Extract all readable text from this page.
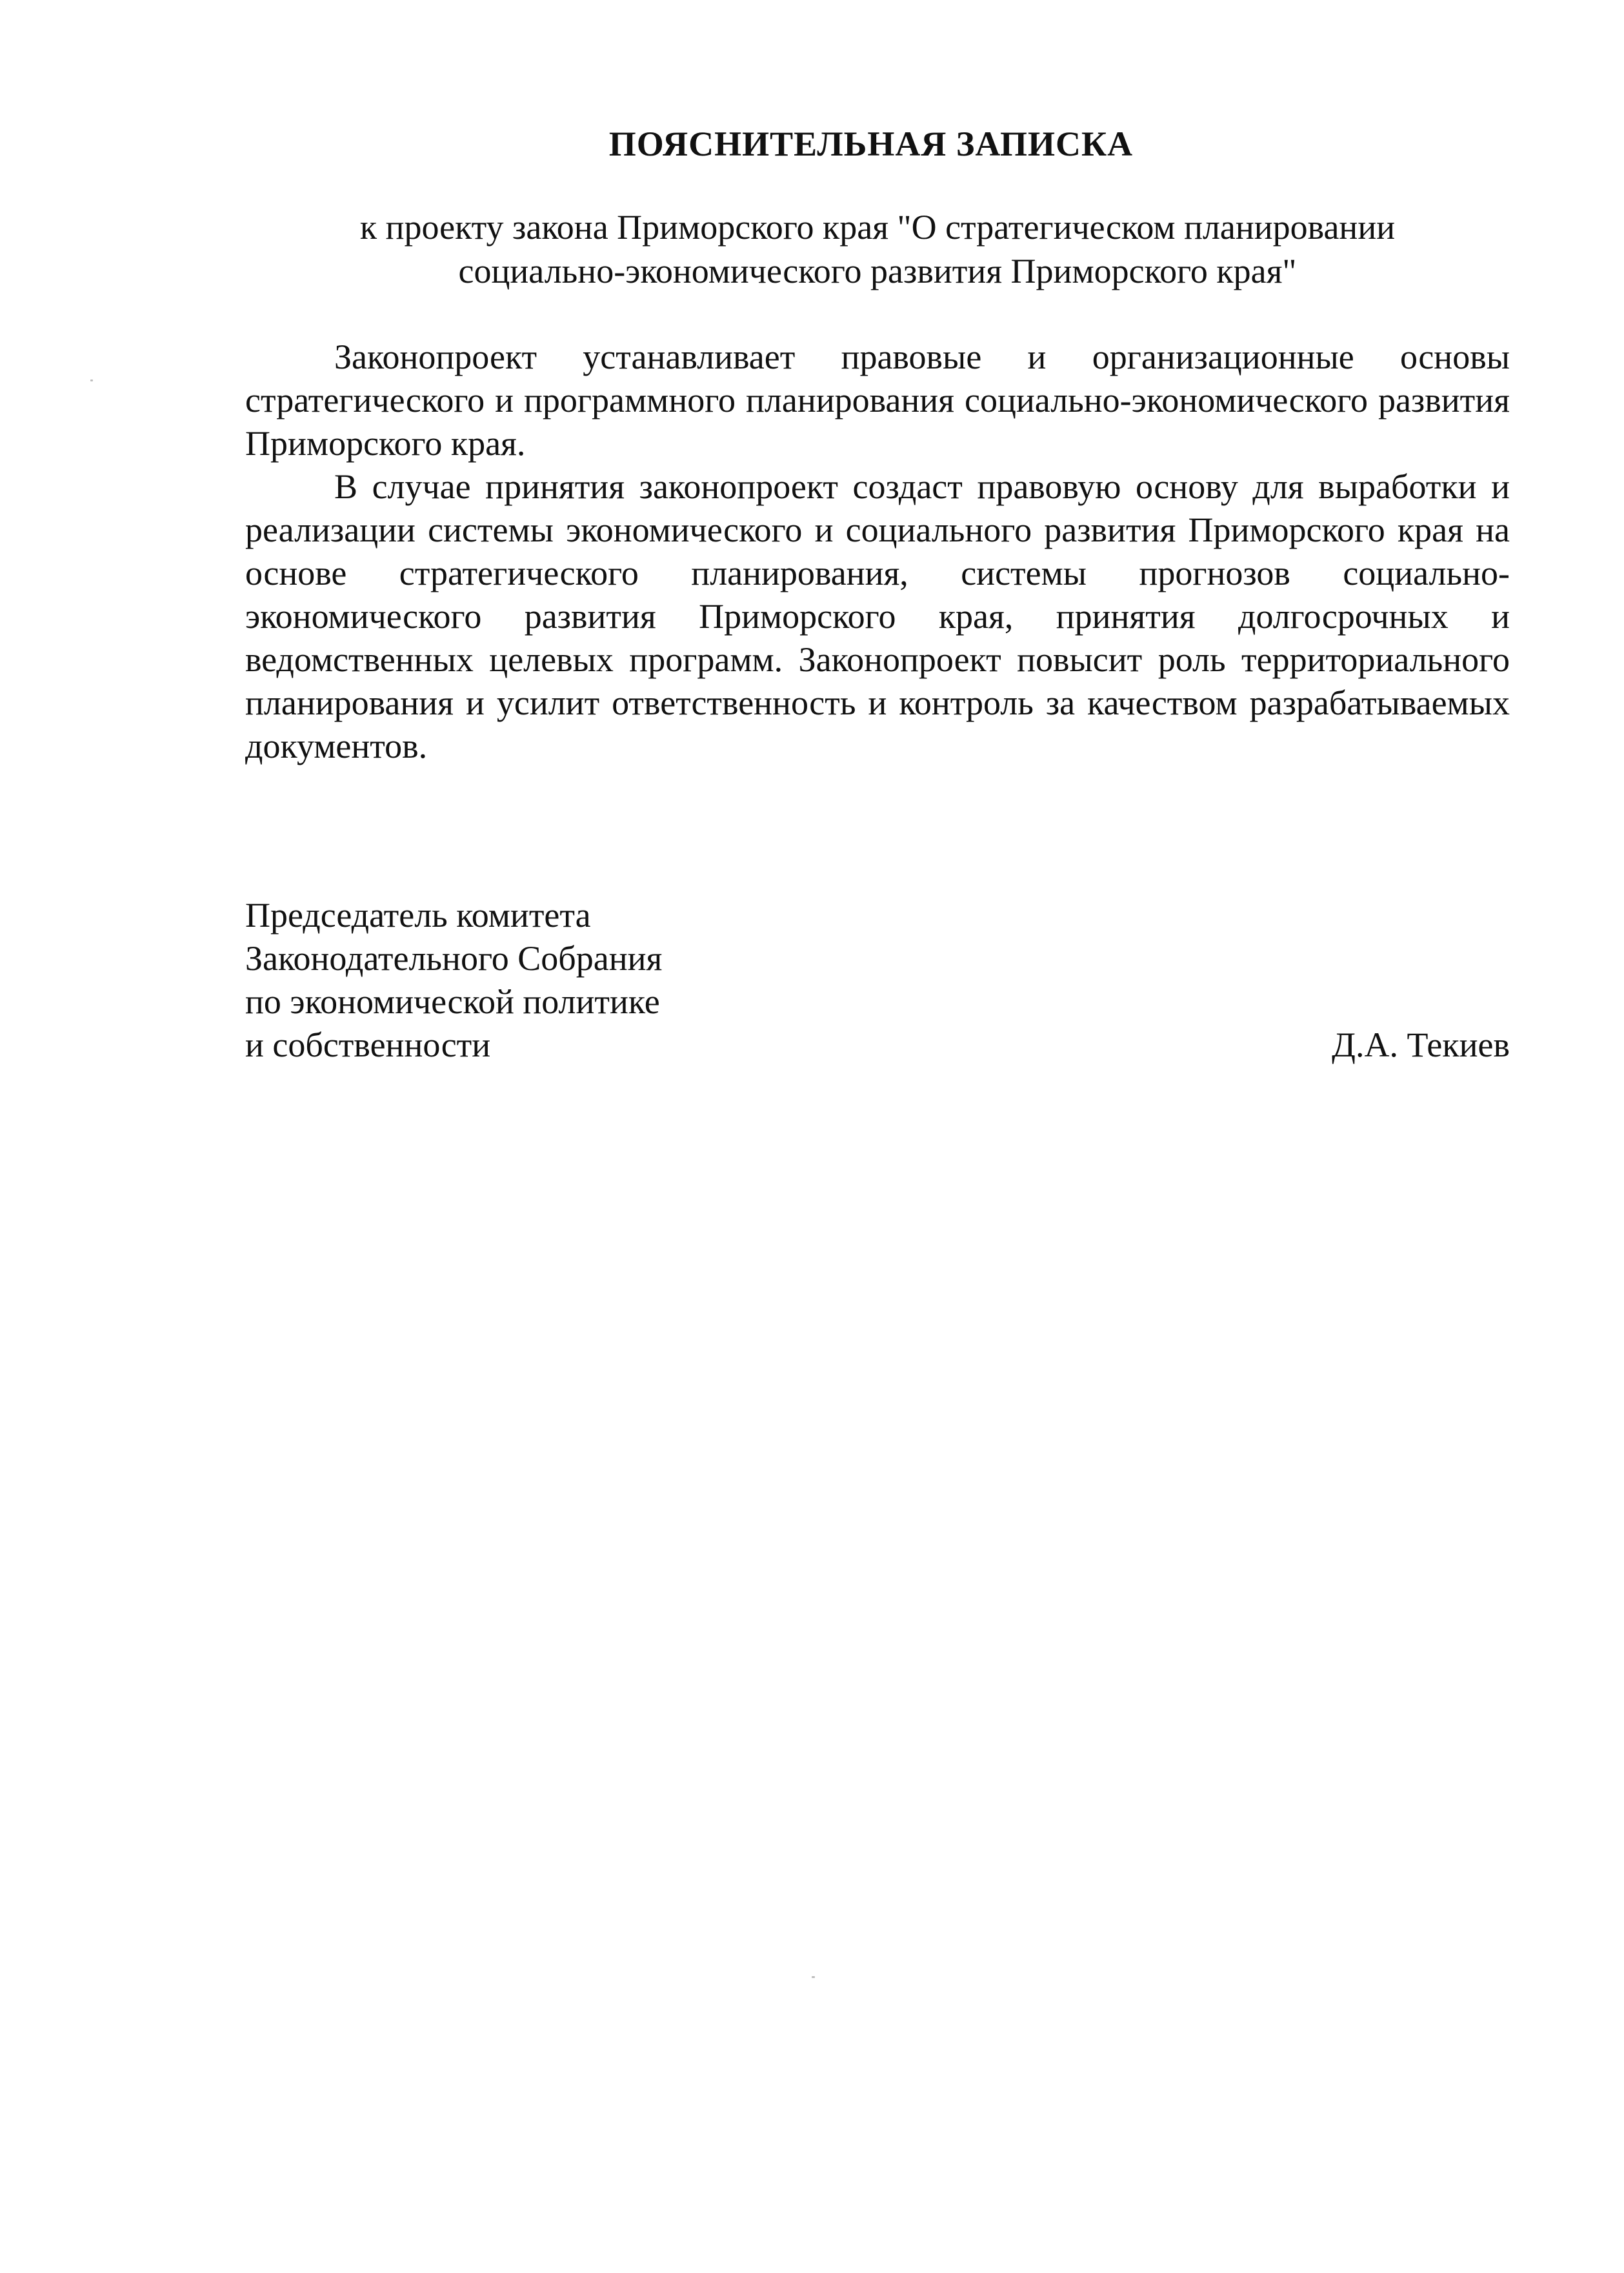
ПОЯСНИТЕЛЬНАЯ ЗАПИСКА
к проекту закона Приморского края "О стратегическом планировании
социально-экономического развития Приморского края"

Законопроект устанавливает правовые и организационные основы стратегического и программного планирования социально-экономического развития Приморского края.

В случае принятия законопроект создаст правовую основу для выработки и реализации системы экономического и социального развития Приморского края на основе стратегического планирования, системы прогнозов социально-экономического развития Приморского края, принятия долгосрочных и ведомственных целевых программ. Законопроект повысит роль территориального планирования и усилит ответственность и контроль за качеством разрабатываемых документов.

Председатель комитета
Законодательного Собрания
по экономической политике
и собственности	Д.А. Текиев
